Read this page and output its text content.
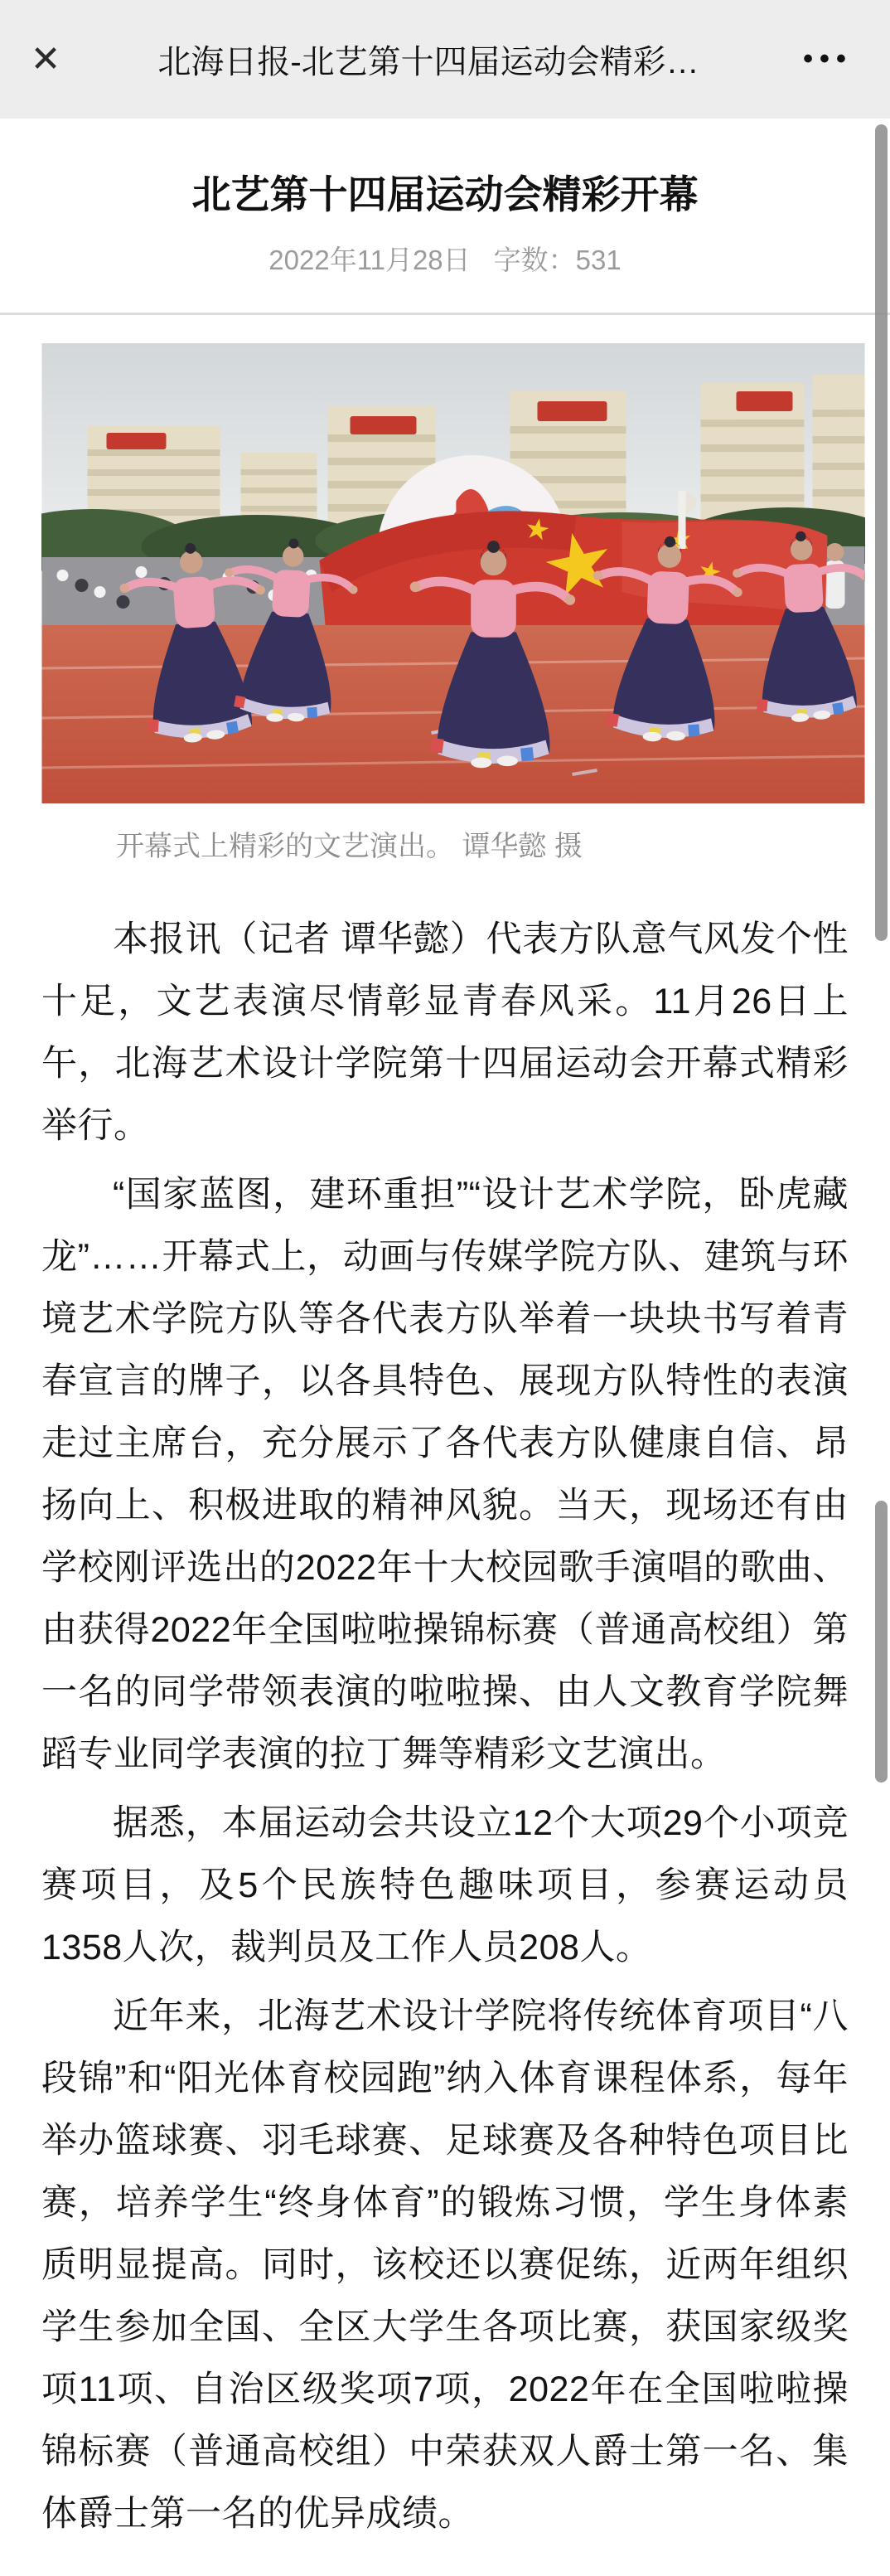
✕	北海日报-北艺第十四届运动会精彩…	•••
北艺第十四届运动会精彩开幕
2022年11月28日 字数：531
开幕式上精彩的文艺演出。 谭华懿 摄

本报讯（记者 谭华懿）代表方队意气风发个性十足，文艺表演尽情彰显青春风采。11月26日上午，北海艺术设计学院第十四届运动会开幕式精彩举行。

“国家蓝图，建环重担”“设计艺术学院，卧虎藏龙”……开幕式上，动画与传媒学院方队、建筑与环境艺术学院方队等各代表方队举着一块块书写着青春宣言的牌子，以各具特色、展现方队特性的表演走过主席台，充分展示了各代表方队健康自信、昂扬向上、积极进取的精神风貌。当天，现场还有由学校刚评选出的2022年十大校园歌手演唱的歌曲、由获得2022年全国啦啦操锦标赛（普通高校组）第一名的同学带领表演的啦啦操、由人文教育学院舞蹈专业同学表演的拉丁舞等精彩文艺演出。

据悉，本届运动会共设立12个大项29个小项竞赛项目，及5个民族特色趣味项目，参赛运动员1358人次，裁判员及工作人员208人。

近年来，北海艺术设计学院将传统体育项目“八段锦”和“阳光体育校园跑”纳入体育课程体系，每年举办篮球赛、羽毛球赛、足球赛及各种特色项目比赛，培养学生“终身体育”的锻炼习惯，学生身体素质明显提高。同时，该校还以赛促练，近两年组织学生参加全国、全区大学生各项比赛，获国家级奖项11项、自治区级奖项7项，2022年在全国啦啦操锦标赛（普通高校组）中荣获双人爵士第一名、集体爵士第一名的优异成绩。
